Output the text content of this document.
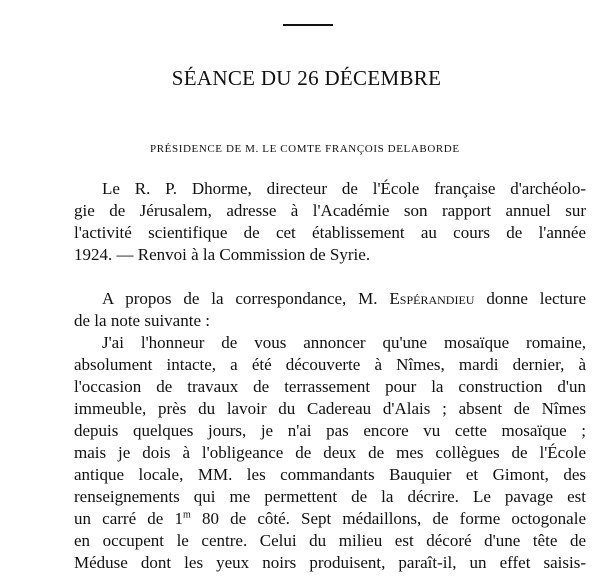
SÉANCE DU 26 DÉCEMBRE

PRÉSIDENCE DE M. LE COMTE FRANÇOIS DELABORDE

Le R. P. Dhorme, directeur de l'École française d'archéolo-

gie de Jérusalem, adresse à l'Académie son rapport annuel sur

l'activité scientifique de cet établissement au cours de l'année

1924. — Renvoi à la Commission de Syrie.

A propos de la correspondance, M. Espérandieu donne lecture

de la note suivante :

J'ai l'honneur de vous annoncer qu'une mosaïque romaine,

absolument intacte, a été découverte à Nîmes, mardi dernier, à

l'occasion de travaux de terrassement pour la construction d'un

immeuble, près du lavoir du Cadereau d'Alais ; absent de Nîmes

depuis quelques jours, je n'ai pas encore vu cette mosaïque ;

mais je dois à l'obligeance de deux de mes collègues de l'École

antique locale, MM. les commandants Bauquier et Gimont, des

renseignements qui me permettent de la décrire. Le pavage est

un carré de 1$^m$ 80 de côté. Sept médaillons, de forme octogonale

en occupent le centre. Celui du milieu est décoré d'une tête de

Méduse dont les yeux noirs produisent, paraît-il, un effet saisis-
